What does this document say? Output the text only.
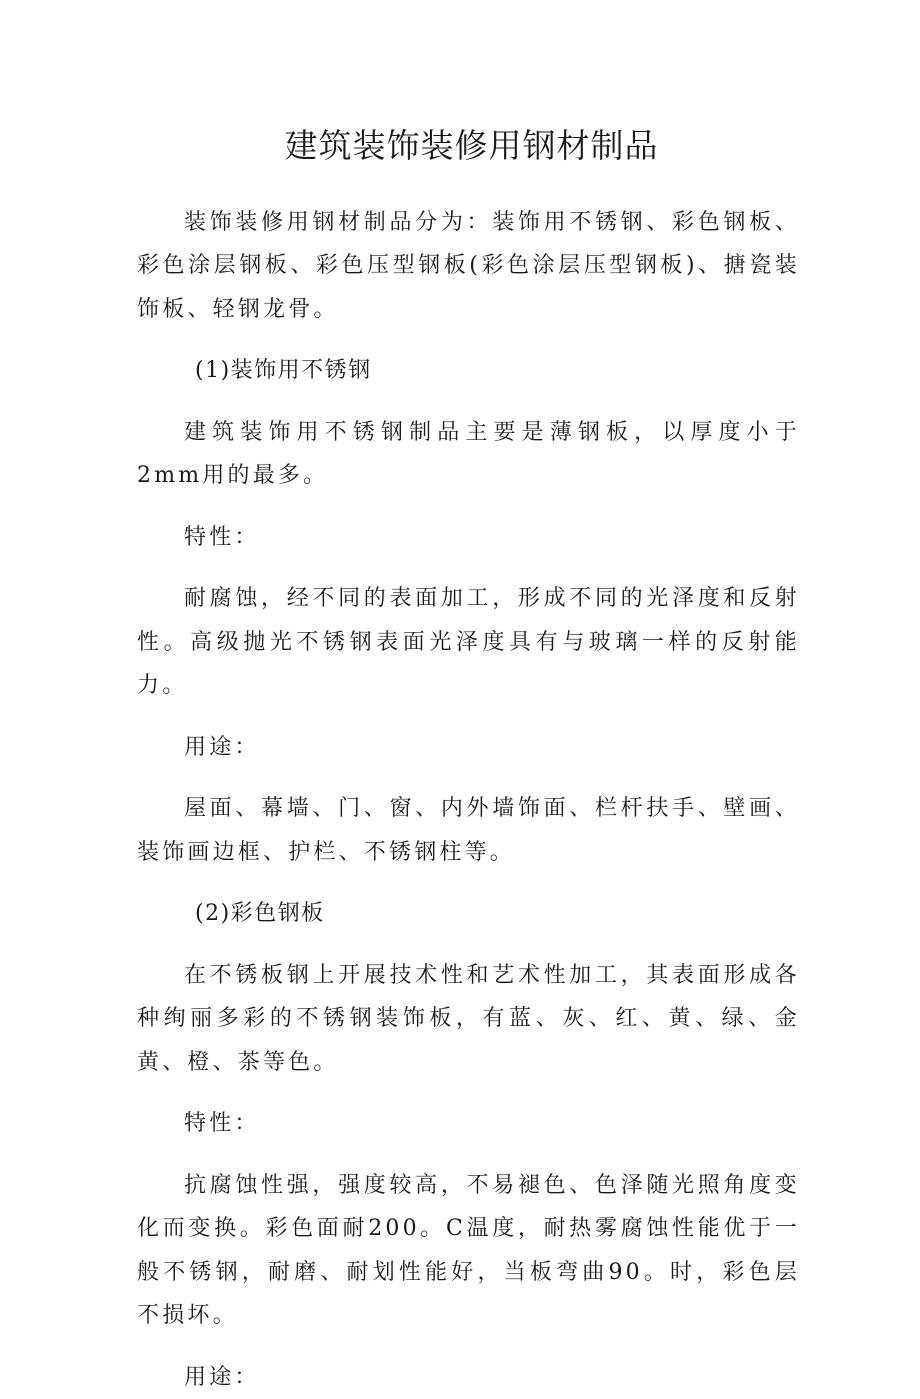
建筑装饰装修用钢材制品

装饰装修用钢材制品分为：装饰用不锈钢、彩色钢板、彩色涂层钢板、彩色压型钢板(彩色涂层压型钢板)、搪瓷装饰板、轻钢龙骨。

(1)装饰用不锈钢

建筑装饰用不锈钢制品主要是薄钢板，以厚度小于2mm用的最多。

特性：

耐腐蚀，经不同的表面加工，形成不同的光泽度和反射性。高级抛光不锈钢表面光泽度具有与玻璃一样的反射能力。

用途：

屋面、幕墙、门、窗、内外墙饰面、栏杆扶手、壁画、装饰画边框、护栏、不锈钢柱等。

(2)彩色钢板

在不锈板钢上开展技术性和艺术性加工，其表面形成各种绚丽多彩的不锈钢装饰板，有蓝、灰、红、黄、绿、金黄、橙、茶等色。

特性：

抗腐蚀性强，强度较高，不易褪色、色泽随光照角度变化而变换。彩色面耐200。C温度，耐热雾腐蚀性能优于一般不锈钢，耐磨、耐划性能好，当板弯曲90。时，彩色层不损坏。

用途：
